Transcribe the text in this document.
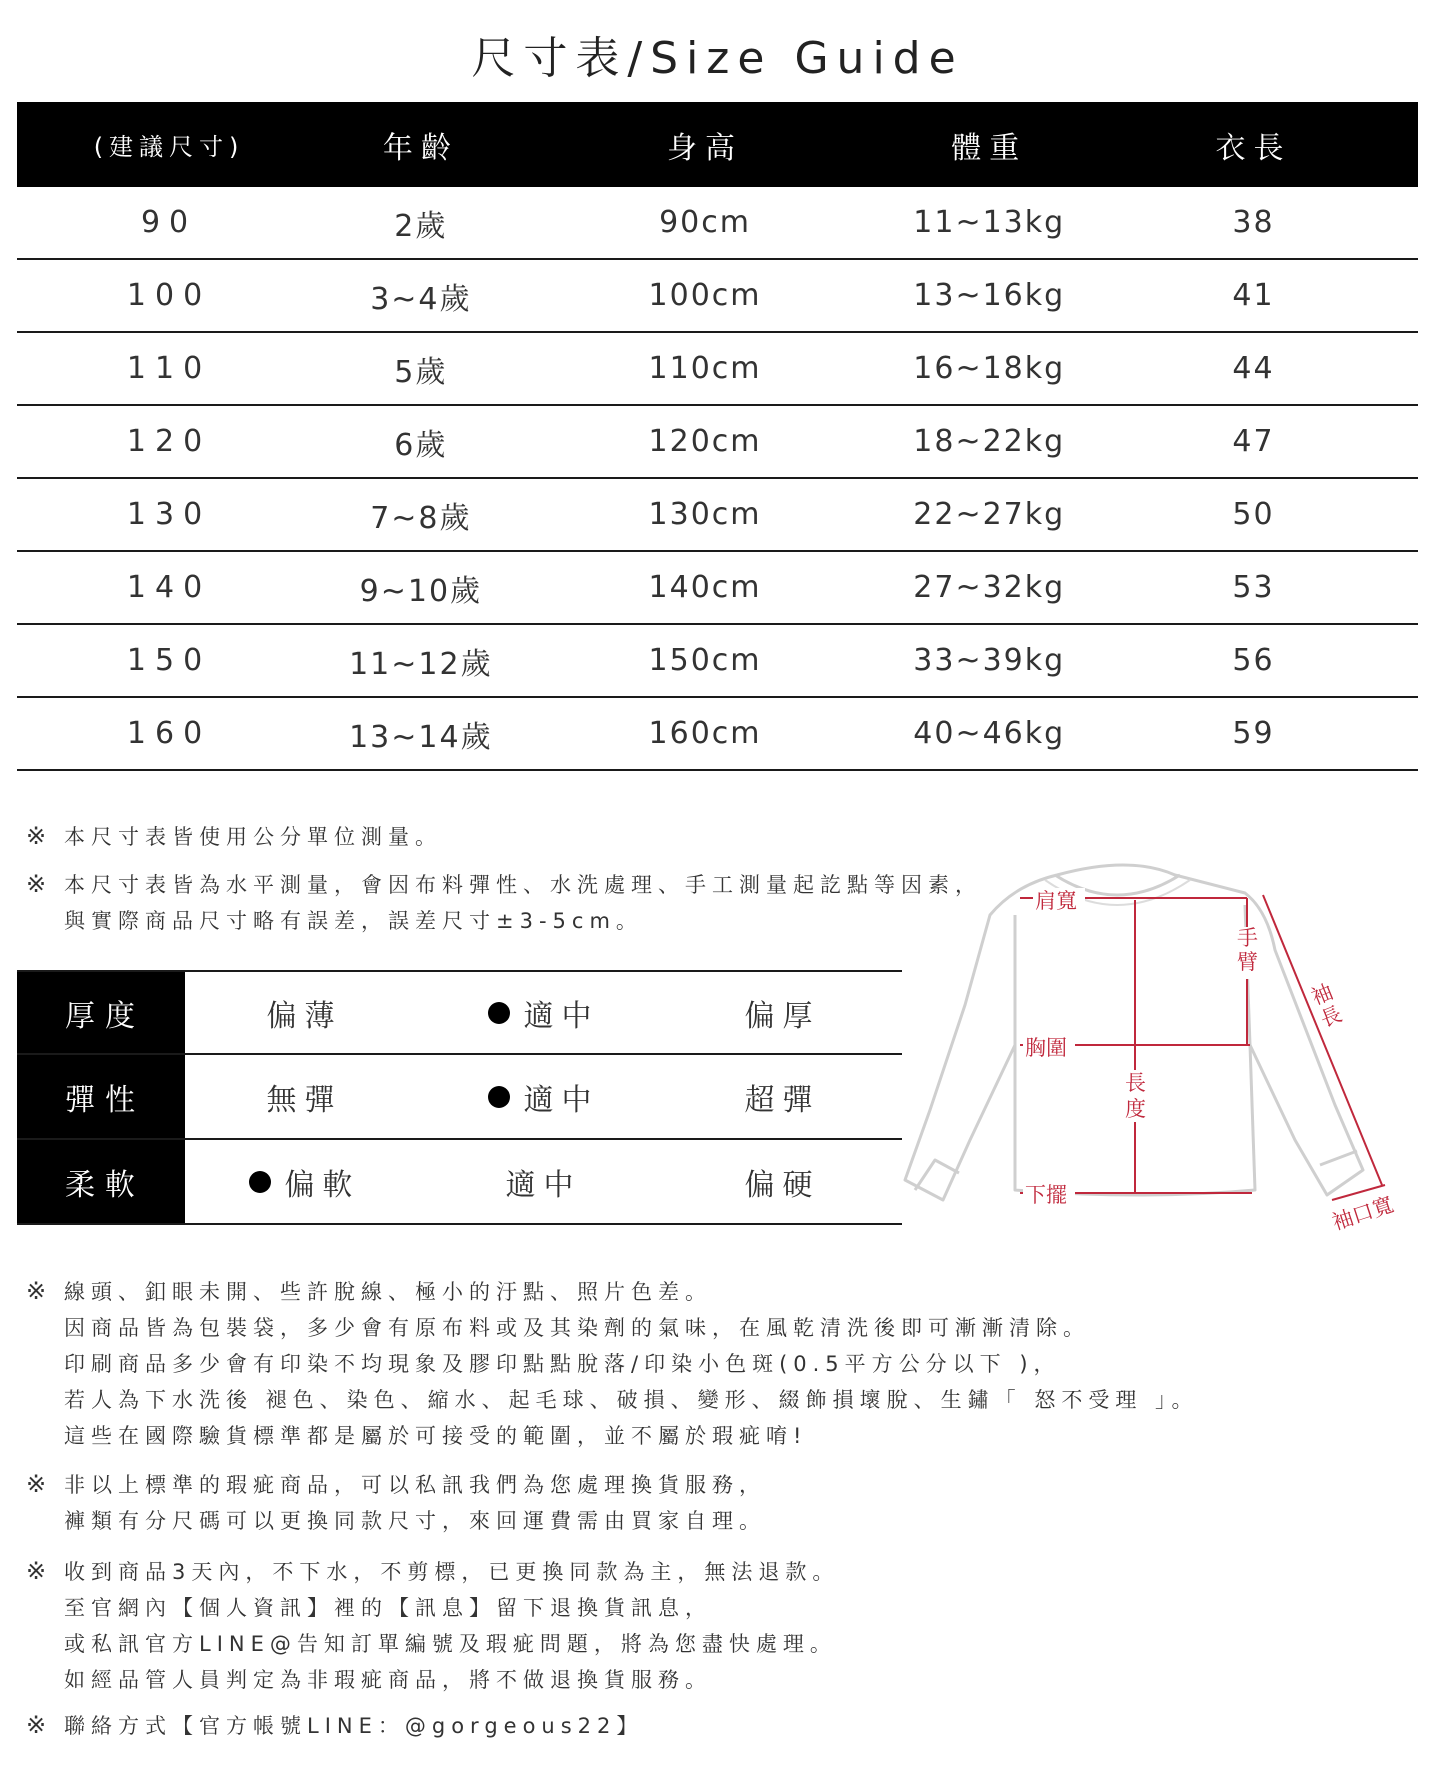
尺寸表/Size Guide
(建議尺寸)	年齡	身高	體重	衣長
90	2歲	90cm	11~13kg	38
100	3~4歲	100cm	13~16kg	41
110	5歲	110cm	16~18kg	44
120	6歲	120cm	18~22kg	47
130	7~8歲	130cm	22~27kg	50
140	9~10歲	140cm	27~32kg	53
150	11~12歲	150cm	33~39kg	56
160	13~14歲	160cm	40~46kg	59
※ 本尺寸表皆使用公分單位測量。
※ 本尺寸表皆為水平測量，會因布料彈性、水洗處理、手工測量起訖點等因素，
與實際商品尺寸略有誤差，誤差尺寸±3-5cm。
厚度	偏薄	適中	偏厚
彈性	無彈	適中	超彈
柔軟	偏軟	適中	偏硬
肩寬
手臂
袖長
胸圍
長度
下擺	袖口寬
※ 線頭、釦眼未開、些許脫線、極小的汙點、照片色差。
因商品皆為包裝袋，多少會有原布料或及其染劑的氣味，在風乾清洗後即可漸漸清除。
印刷商品多少會有印染不均現象及膠印點點脫落/印染小色斑(0.5平方公分以下 )，
若人為下水洗後 褪色、染色、縮水、起毛球、破損、變形、綴飾損壞脫、生鏽「 怒不受理 」。
這些在國際驗貨標準都是屬於可接受的範圍，並不屬於瑕疵唷!
※ 非以上標準的瑕疵商品，可以私訊我們為您處理換貨服務，
褲類有分尺碼可以更換同款尺寸，來回運費需由買家自理。
※ 收到商品3天內，不下水，不剪標，已更換同款為主，無法退款。
至官網內【個人資訊】裡的【訊息】留下退換貨訊息，
或私訊官方LINE@告知訂單編號及瑕疵問題，將為您盡快處理。
如經品管人員判定為非瑕疵商品，將不做退換貨服務。
※ 聯絡方式【官方帳號LINE：@gorgeous22】
